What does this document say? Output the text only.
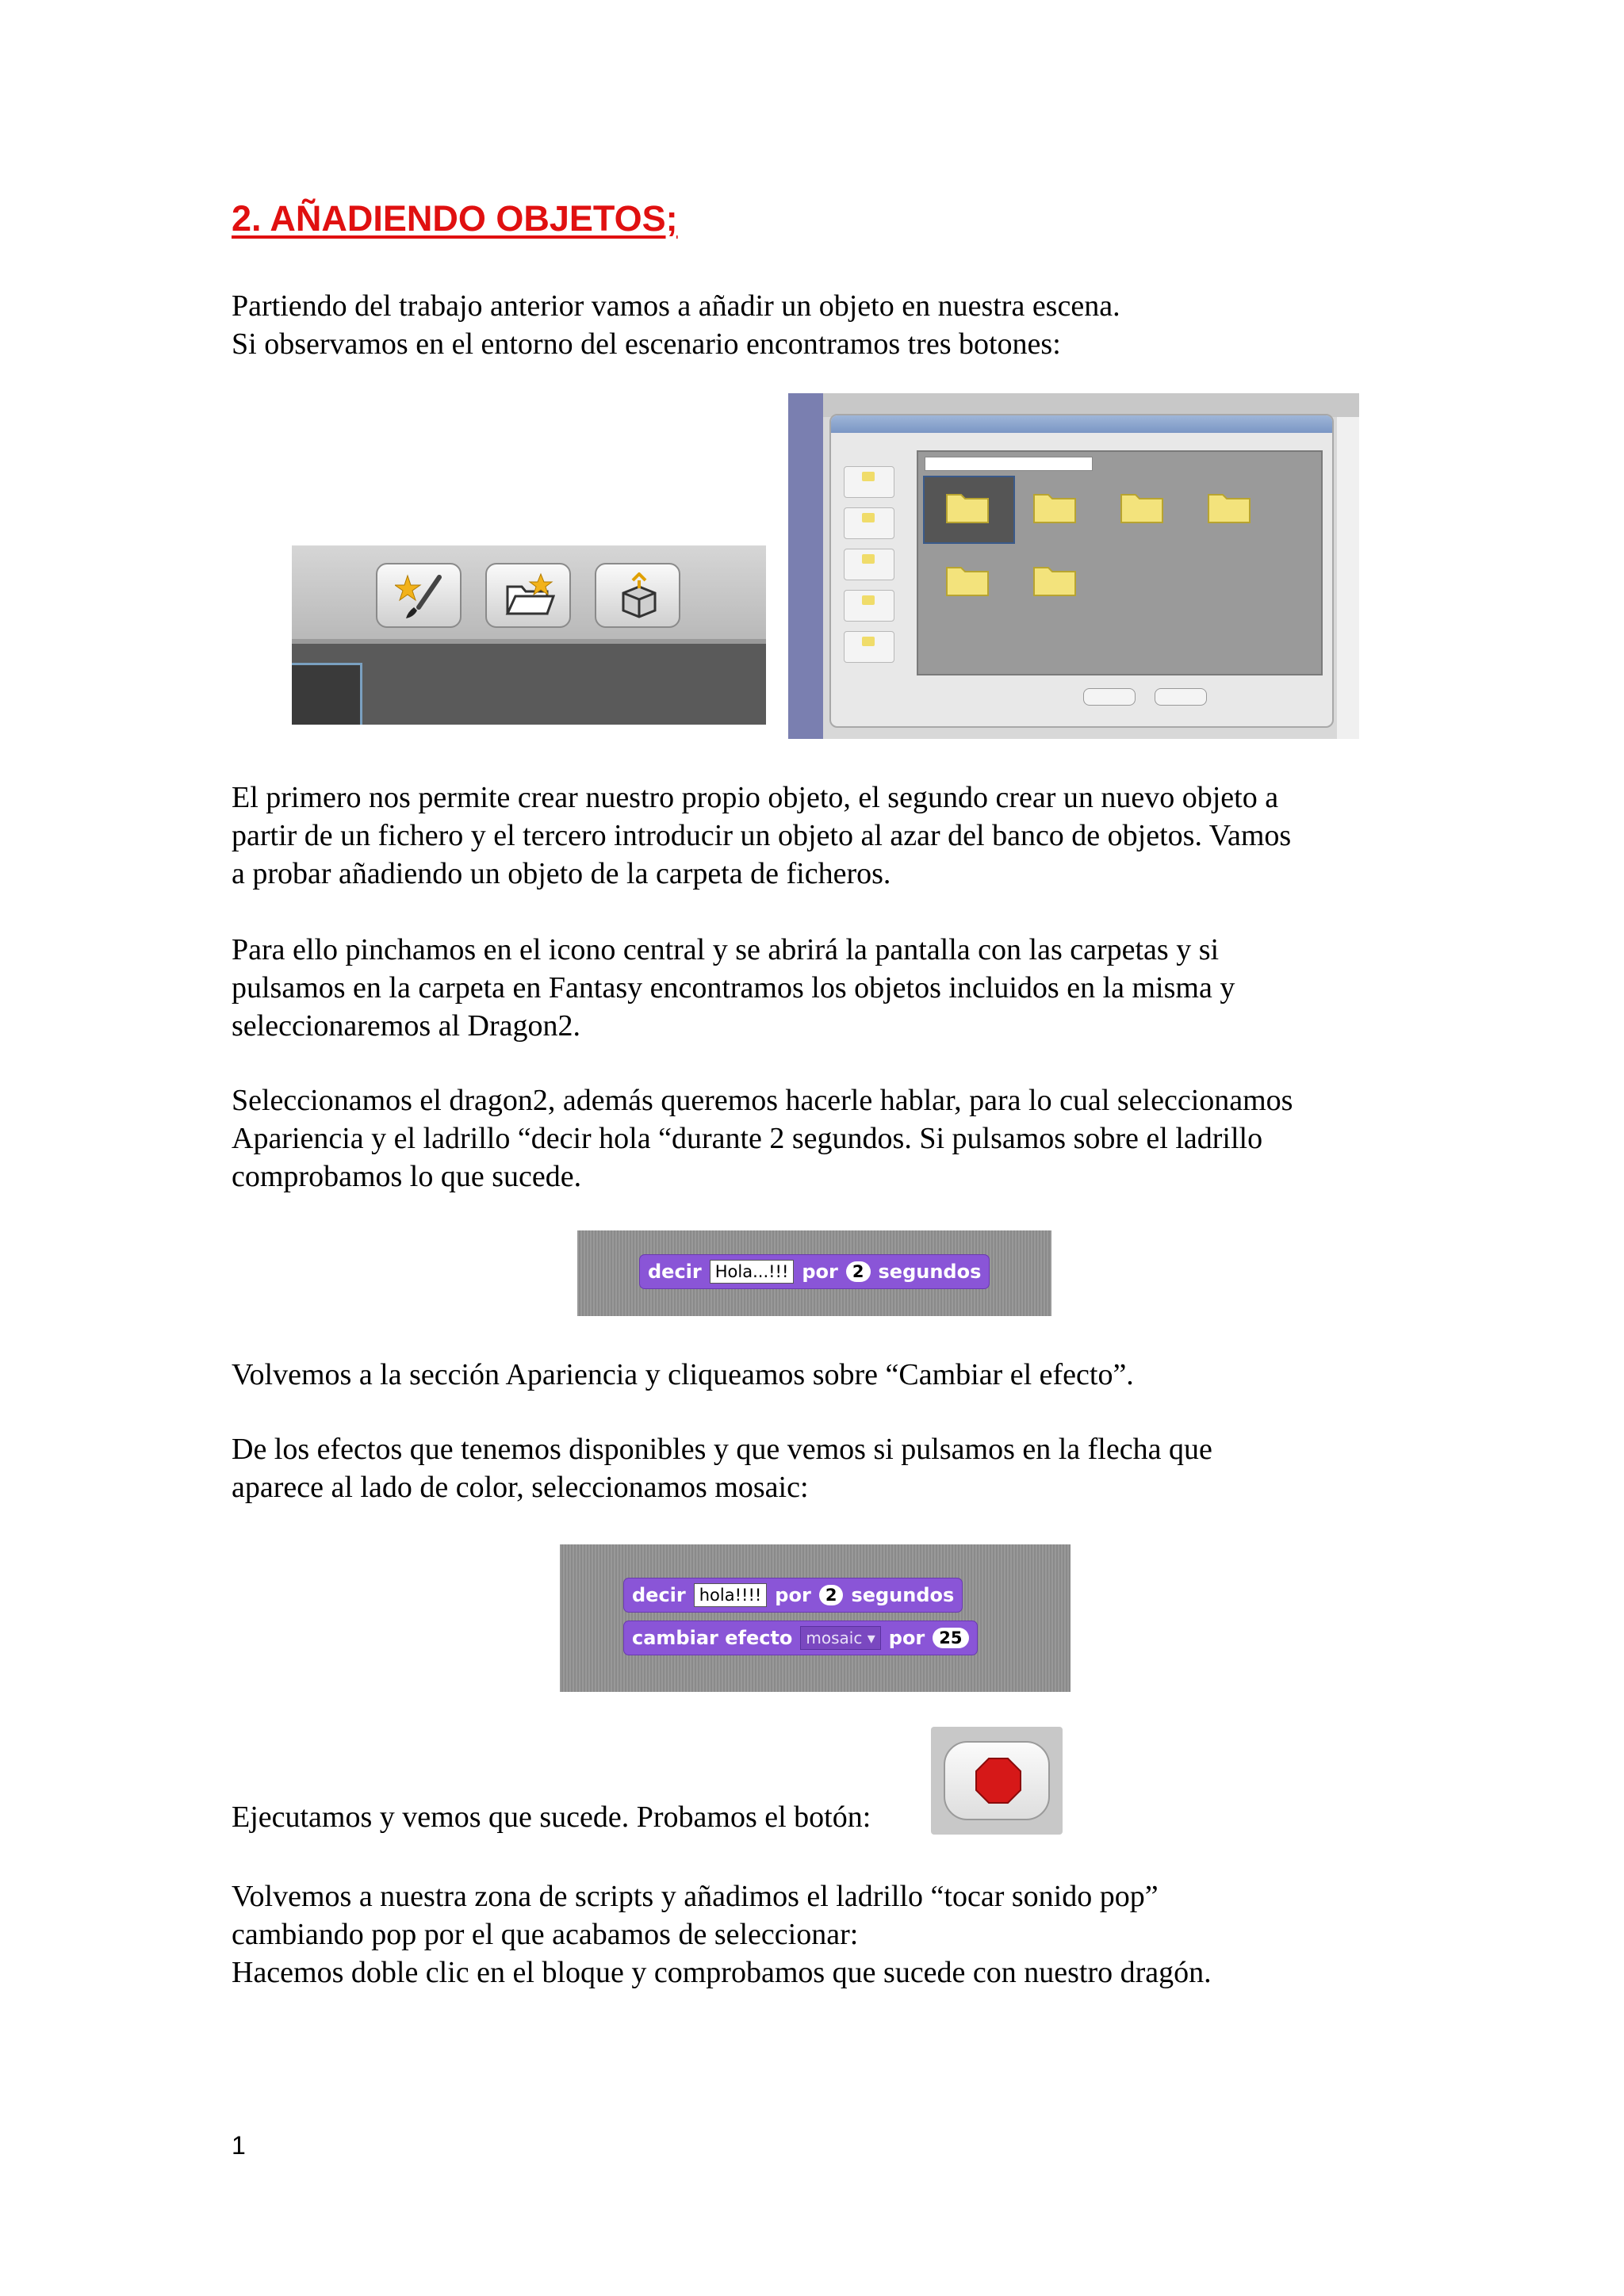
2. AÑADIENDO OBJETOS;

Partiendo del trabajo anterior vamos a añadir un objeto en nuestra escena.
Si observamos en el entorno del escenario encontramos tres botones:

El primero nos permite crear nuestro propio objeto, el segundo crear un nuevo objeto a
partir de un fichero y el tercero introducir un objeto al azar del banco de objetos. Vamos
a probar añadiendo un objeto de la carpeta de ficheros.

Para ello pinchamos en el icono central y se abrirá la pantalla con las carpetas y si
pulsamos en la carpeta en Fantasy encontramos los objetos incluidos en la misma y
seleccionaremos al Dragon2.

Seleccionamos el dragon2, además queremos hacerle hablar, para lo cual seleccionamos
Apariencia y el ladrillo “decir hola “durante 2 segundos. Si pulsamos sobre el ladrillo
comprobamos lo que sucede.

decir Hola...!!! por 2 segundos

Volvemos a la sección Apariencia y cliqueamos sobre “Cambiar el efecto”.

De los efectos que tenemos disponibles y que vemos si pulsamos en la flecha que
aparece al lado de color, seleccionamos mosaic:

decir hola!!!! por 2 segundos
cambiar efecto mosaic ▾ por 25

Ejecutamos y vemos que sucede. Probamos el botón:

Volvemos a nuestra zona de scripts y añadimos el ladrillo “tocar sonido pop”
cambiando pop por el que acabamos de seleccionar:
Hacemos doble clic en el bloque y comprobamos que sucede con nuestro dragón.

1
